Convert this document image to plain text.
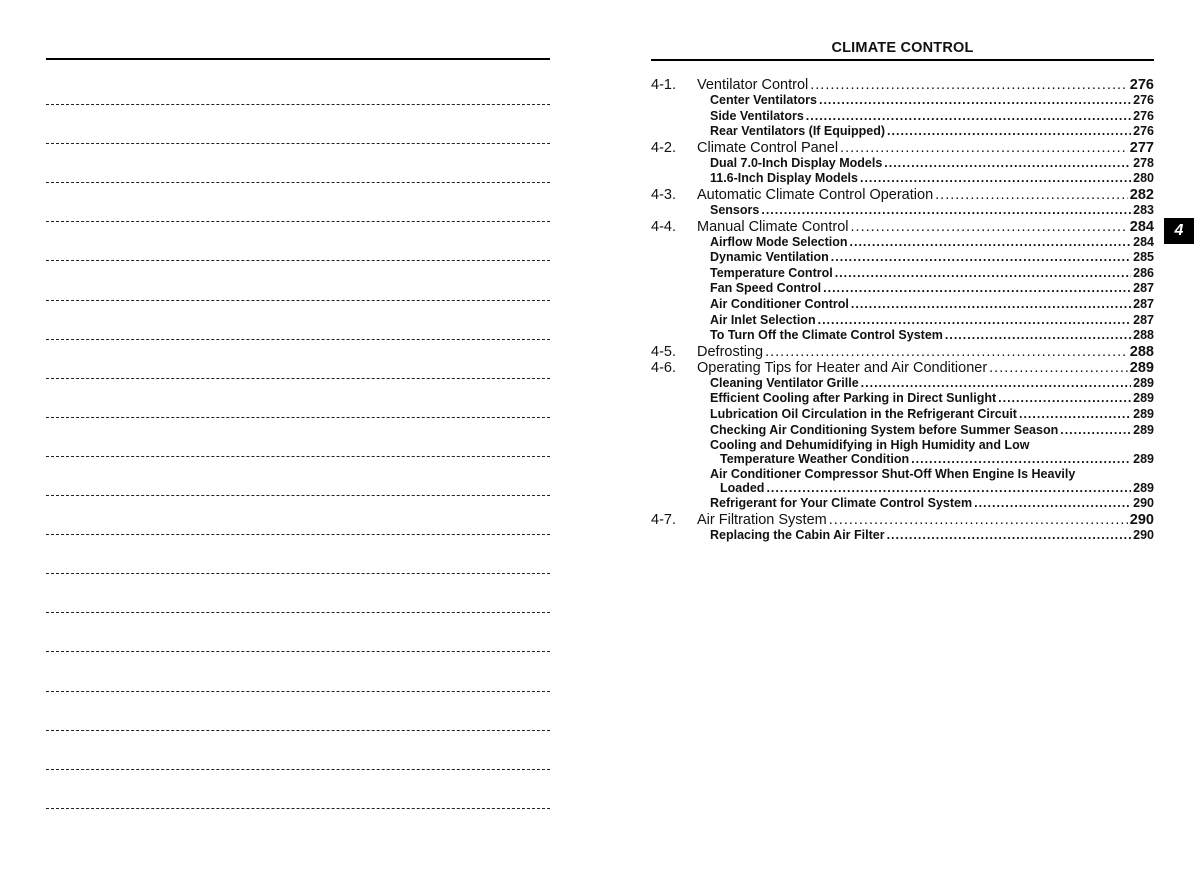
CLIMATE CONTROL
4-1.	Ventilator Control .....	276
Center Ventilators .....	276
Side Ventilators .....	276
Rear Ventilators (If Equipped) .....	276
4-2.	Climate Control Panel .....	277
Dual 7.0-Inch Display Models .....	278
11.6-Inch Display Models .....	280
4-3.	Automatic Climate Control Operation .....	282
Sensors .....	283
4-4.	Manual Climate Control .....	284
Airflow Mode Selection .....	284
Dynamic Ventilation .....	285
Temperature Control .....	286
Fan Speed Control .....	287
Air Conditioner Control .....	287
Air Inlet Selection .....	287
To Turn Off the Climate Control System .....	288
4-5.	Defrosting .....	288
4-6.	Operating Tips for Heater and Air Conditioner .....	289
Cleaning Ventilator Grille .....	289
Efficient Cooling after Parking in Direct Sunlight .....	289
Lubrication Oil Circulation in the Refrigerant Circuit .....	289
Checking Air Conditioning System before Summer Season .....	289
Cooling and Dehumidifying in High Humidity and Low
Temperature Weather Condition .....	289
Air Conditioner Compressor Shut-Off When Engine Is Heavily
Loaded .....	289
Refrigerant for Your Climate Control System .....	290
4-7.	Air Filtration System .....	290
Replacing the Cabin Air Filter .....	290
4
